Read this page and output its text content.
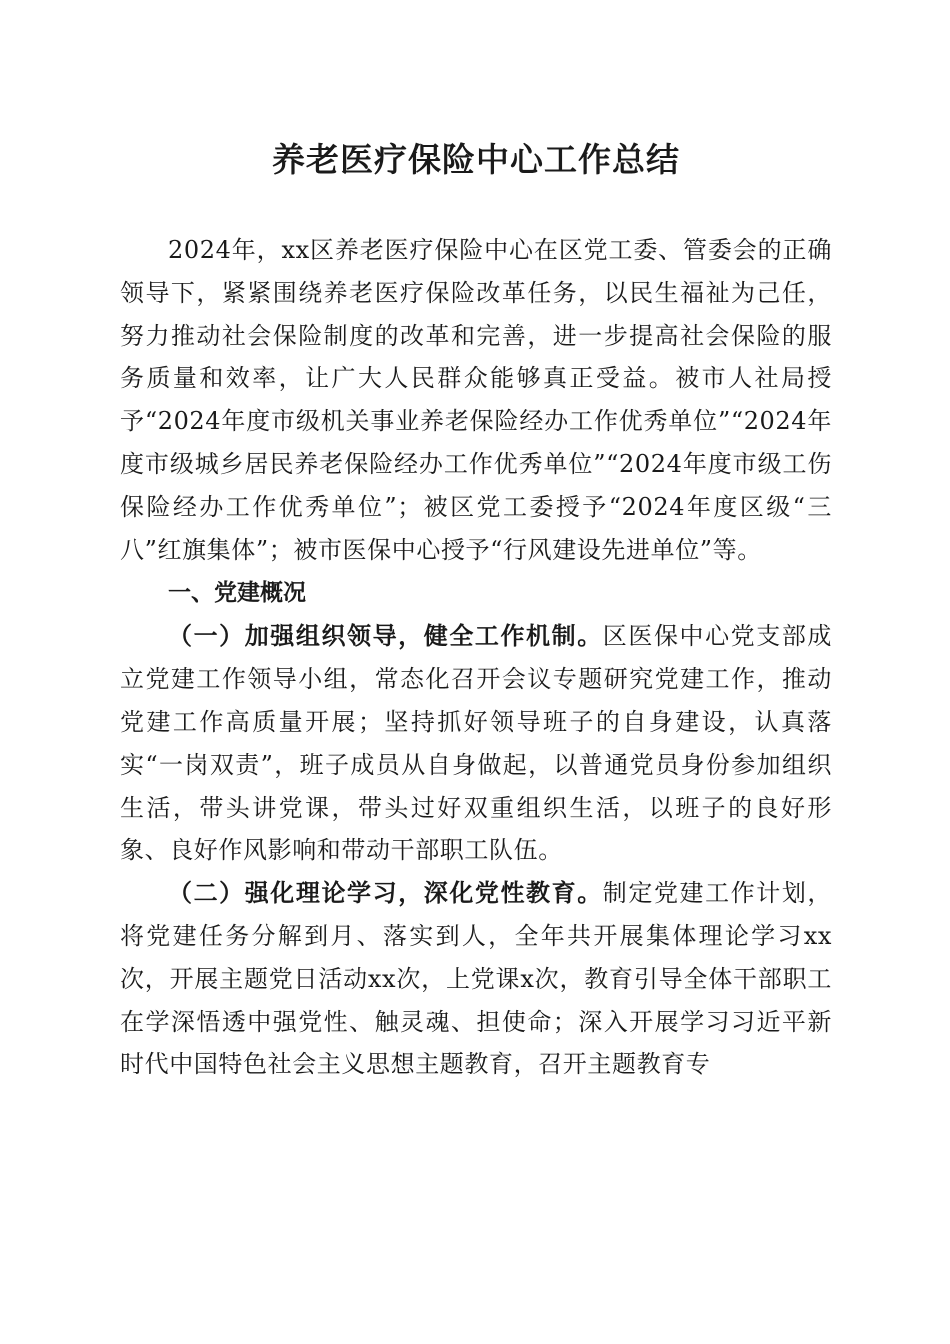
养老医疗保险中心工作总结

2024年，xx区养老医疗保险中心在区党工委、管委会的正确领导下，紧紧围绕养老医疗保险改革任务，以民生福祉为己任，努力推动社会保险制度的改革和完善，进一步提高社会保险的服务质量和效率，让广大人民群众能够真正受益。被市人社局授予“2024年度市级机关事业养老保险经办工作优秀单位”“2024年度市级城乡居民养老保险经办工作优秀单位”“2024年度市级工伤保险经办工作优秀单位”；被区党工委授予“2024年度区级“三八”红旗集体”；被市医保中心授予“行风建设先进单位”等。

一、党建概况

（一）加强组织领导，健全工作机制。区医保中心党支部成立党建工作领导小组，常态化召开会议专题研究党建工作，推动党建工作高质量开展；坚持抓好领导班子的自身建设，认真落实“一岗双责”，班子成员从自身做起，以普通党员身份参加组织生活，带头讲党课，带头过好双重组织生活，以班子的良好形象、良好作风影响和带动干部职工队伍。

（二）强化理论学习，深化党性教育。制定党建工作计划，将党建任务分解到月、落实到人，全年共开展集体理论学习xx次，开展主题党日活动xx次，上党课x次，教育引导全体干部职工在学深悟透中强党性、触灵魂、担使命；深入开展学习习近平新时代中国特色社会主义思想主题教育，召开主题教育专
